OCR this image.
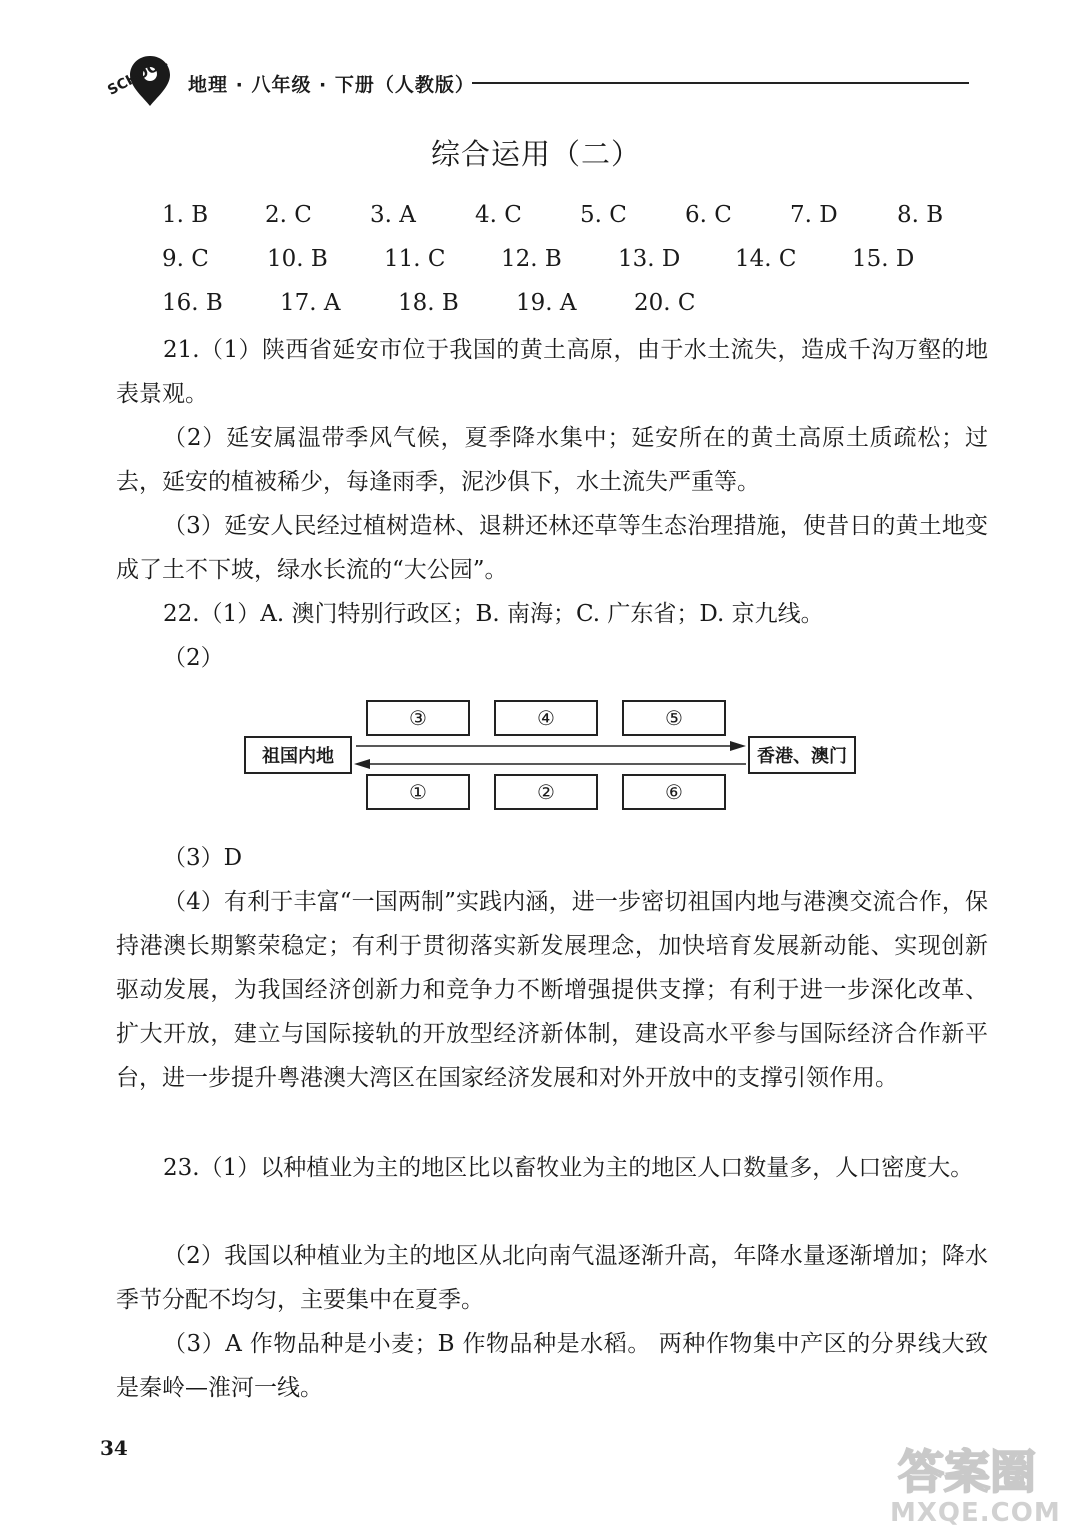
SCHOOL 地理 · 八年级 · 下册（人教版）
综合运用（二）
1. B 2. C	3. A	4. C	5. C	6. C	7. D	8. B
9. C	10. B 11. C 12. B 13. D 14. C 15. D
16. B 17. A	18. B 19. A	20. C

21.（1）陕西省延安市位于我国的黄土高原，由于水土流失，造成千沟万壑的地表景观。

（2）延安属温带季风气候，夏季降水集中；延安所在的黄土高原土质疏松；过去，延安的植被稀少，每逢雨季，泥沙俱下，水土流失严重等。

（3）延安人民经过植树造林、退耕还林还草等生态治理措施，使昔日的黄土地变成了土不下坡，绿水长流的“大公园”。

22.（1）A. 澳门特别行政区；B. 南海；C. 广东省；D. 京九线。

（2）

祖国内地	香港、澳门
③	④	⑤
①	②	⑥

（3）D

（4）有利于丰富“一国两制”实践内涵，进一步密切祖国内地与港澳交流合作，保持港澳长期繁荣稳定；有利于贯彻落实新发展理念，加快培育发展新动能、实现创新驱动发展，为我国经济创新力和竞争力不断增强提供支撑；有利于进一步深化改革、扩大开放，建立与国际接轨的开放型经济新体制，建设高水平参与国际经济合作新平台，进一步提升粤港澳大湾区在国家经济发展和对外开放中的支撑引领作用。

23.（1）以种植业为主的地区比以畜牧业为主的地区人口数量多，人口密度大。

（2）我国以种植业为主的地区从北向南气温逐渐升高，年降水量逐渐增加；降水季节分配不均匀，主要集中在夏季。

（3）A 作物品种是小麦；B 作物品种是水稻。 两种作物集中产区的分界线大致是秦岭—淮河一线。

34	答案圈
MXQE.COM
